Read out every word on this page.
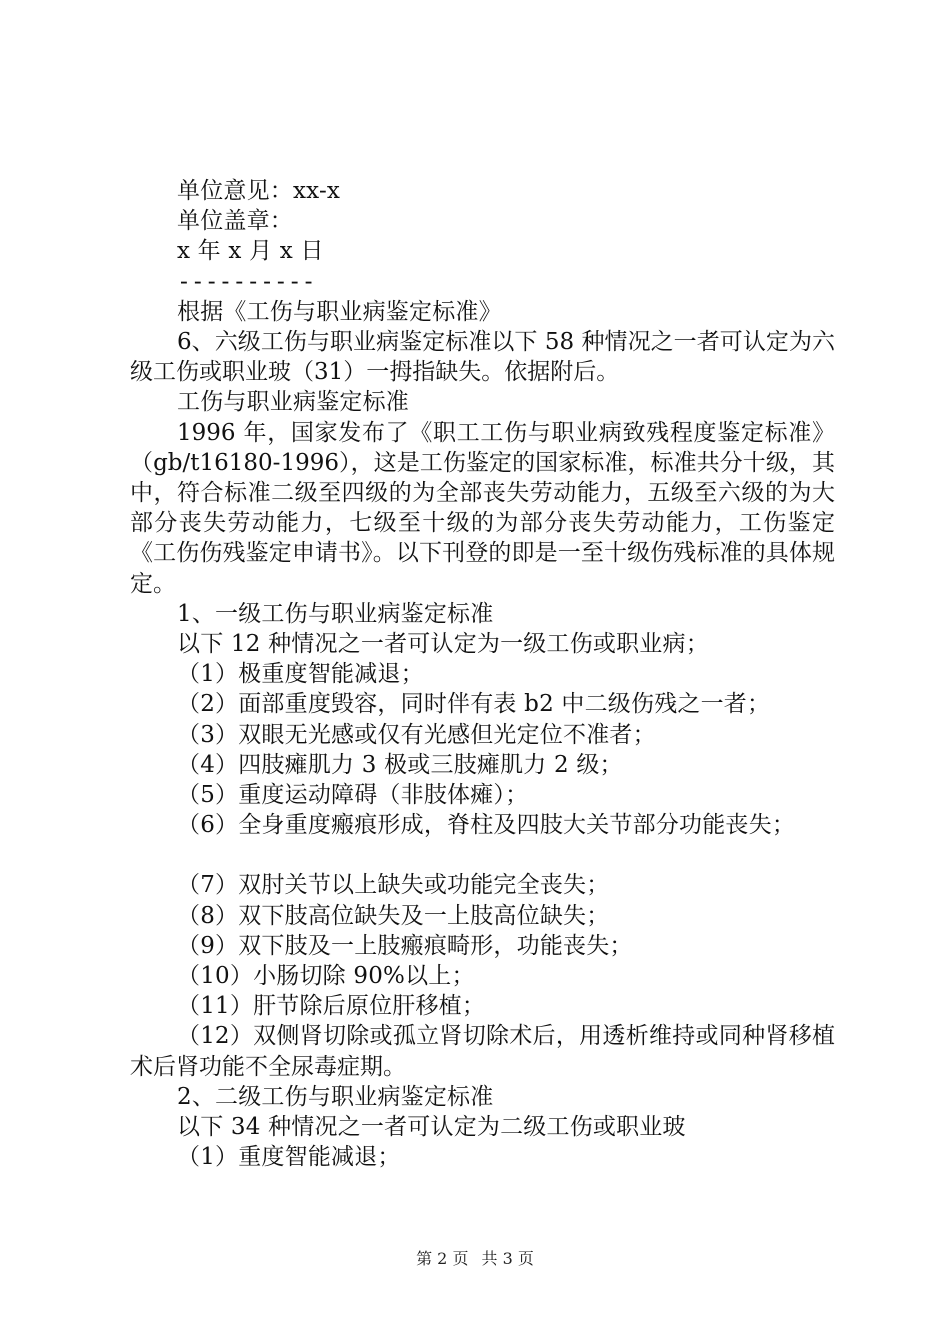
单位意见：xx-x
单位盖章：
x 年 x 月 x 日
----------
根据《工伤与职业病鉴定标准》

6、六级工伤与职业病鉴定标准以下 58 种情况之一者可认定为六级工伤或职业玻（31）一拇指缺失。依据附后。

工伤与职业病鉴定标准

1996 年，国家发布了《职工工伤与职业病致残程度鉴定标准》（gb/t16180-1996），这是工伤鉴定的国家标准，标准共分十级，其中，符合标准二级至四级的为全部丧失劳动能力，五级至六级的为大部分丧失劳动能力，七级至十级的为部分丧失劳动能力，工伤鉴定《工伤伤残鉴定申请书》。以下刊登的即是一至十级伤残标准的具体规定。

1、一级工伤与职业病鉴定标准
以下 12 种情况之一者可认定为一级工伤或职业病；
（1）极重度智能减退；
（2）面部重度毁容，同时伴有表 b2 中二级伤残之一者；
（3）双眼无光感或仅有光感但光定位不准者；
（4）四肢瘫肌力 3 极或三肢瘫肌力 2 级；
（5）重度运动障碍（非肢体瘫）；
（6）全身重度瘢痕形成，脊柱及四肢大关节部分功能丧失；
（7）双肘关节以上缺失或功能完全丧失；
（8）双下肢高位缺失及一上肢高位缺失；
（9）双下肢及一上肢瘢痕畸形，功能丧失；
（10）小肠切除 90%以上；
（11）肝节除后原位肝移植；

（12）双侧肾切除或孤立肾切除术后，用透析维持或同种肾移植术后肾功能不全尿毒症期。

2、二级工伤与职业病鉴定标准
以下 34 种情况之一者可认定为二级工伤或职业玻
（1）重度智能减退；
第 2 页 共 3 页
